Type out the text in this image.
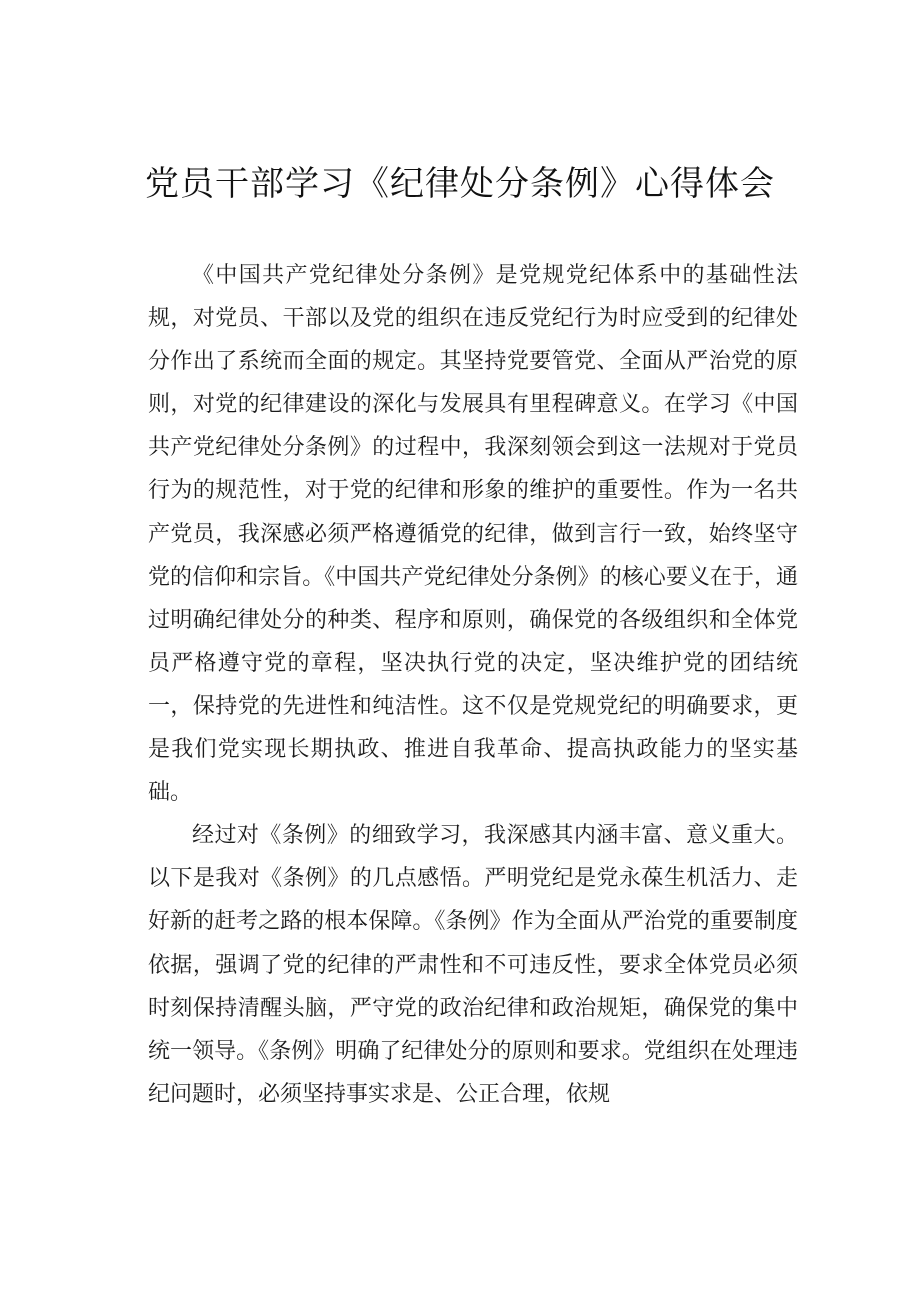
党员干部学习《纪律处分条例》心得体会

《中国共产党纪律处分条例》是党规党纪体系中的基础性法规，对党员、干部以及党的组织在违反党纪行为时应受到的纪律处分作出了系统而全面的规定。其坚持党要管党、全面从严治党的原则，对党的纪律建设的深化与发展具有里程碑意义。在学习《中国共产党纪律处分条例》的过程中，我深刻领会到这一法规对于党员行为的规范性，对于党的纪律和形象的维护的重要性。作为一名共产党员，我深感必须严格遵循党的纪律，做到言行一致，始终坚守党的信仰和宗旨。《中国共产党纪律处分条例》的核心要义在于，通过明确纪律处分的种类、程序和原则，确保党的各级组织和全体党员严格遵守党的章程，坚决执行党的决定，坚决维护党的团结统一，保持党的先进性和纯洁性。这不仅是党规党纪的明确要求，更是我们党实现长期执政、推进自我革命、提高执政能力的坚实基础。

经过对《条例》的细致学习，我深感其内涵丰富、意义重大。以下是我对《条例》的几点感悟。严明党纪是党永葆生机活力、走好新的赶考之路的根本保障。《条例》作为全面从严治党的重要制度依据，强调了党的纪律的严肃性和不可违反性，要求全体党员必须时刻保持清醒头脑，严守党的政治纪律和政治规矩，确保党的集中统一领导。《条例》明确了纪律处分的原则和要求。党组织在处理违纪问题时，必须坚持事实求是、公正合理，依规
